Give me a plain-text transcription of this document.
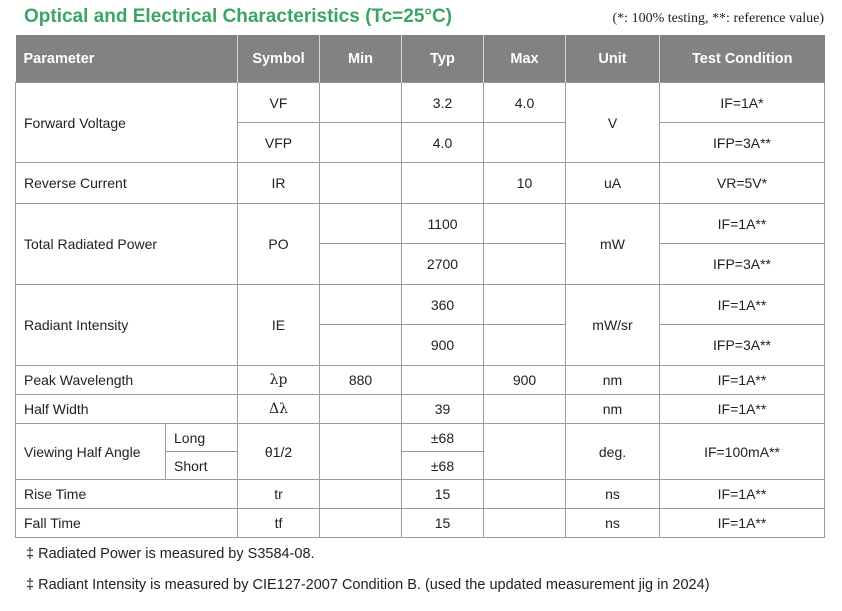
Optical and Electrical Characteristics (Tc=25°C)	(*: 100% testing, **: reference value)
Parameter		Symbol	Min	Typ	Max	Unit	Test Condition
Forward Voltage		VF		3.2	4.0	V	IF=1A*
		VFP		4.0			IFP=3A**
Reverse Current		IR			10	uA	VR=5V*
Total Radiated Power		PO		1100		mW	IF=1A**
				2700			IFP=3A**
Radiant Intensity		IE		360		mW/sr	IF=1A**
				900			IFP=3A**
Peak Wavelength		λp	880		900	nm	IF=1A**
Half Width		Δλ		39		nm	IF=1A**
Viewing Half Angle	Long	θ1/2		±68		deg.	IF=100mA**
	Short			±68			
Rise Time		tr		15		ns	IF=1A**
Fall Time		tf		15		ns	IF=1A**
‡ Radiated Power is measured by S3584-08.
‡ Radiant Intensity is measured by CIE127-2007 Condition B. (used the updated measurement jig in 2024)
